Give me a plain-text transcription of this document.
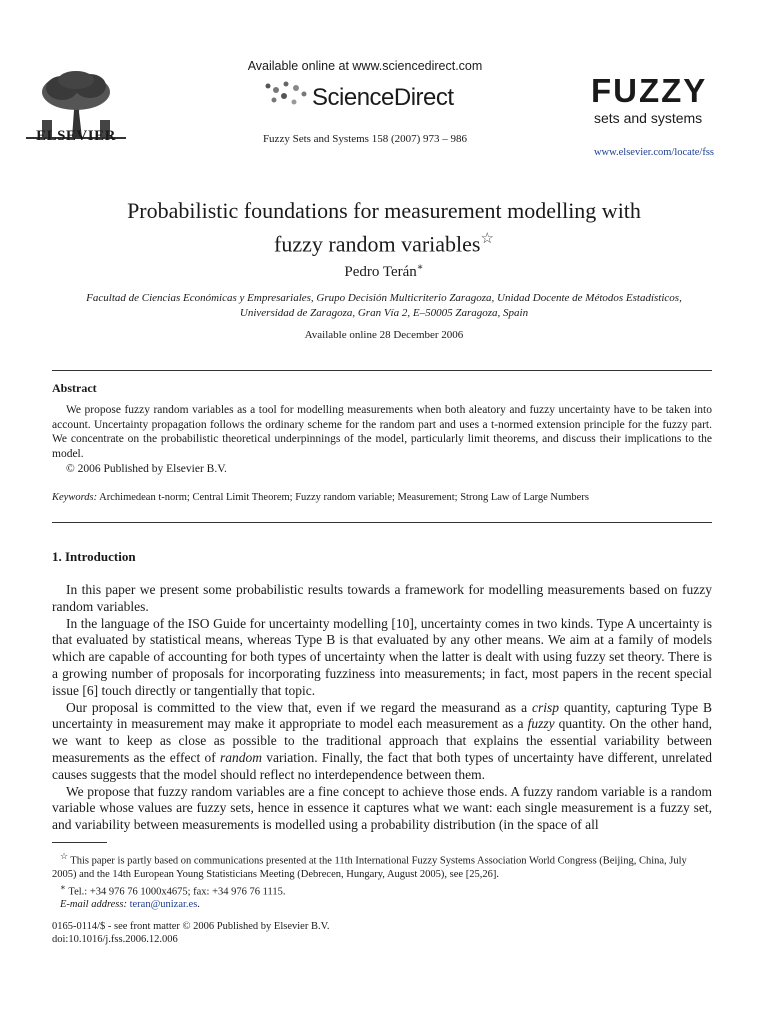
ELSEVIER
Available online at www.sciencedirect.com
ScienceDirect
Fuzzy Sets and Systems 158 (2007) 973 – 986
FUZZY
sets and systems
www.elsevier.com/locate/fss
Probabilistic foundations for measurement modelling with
fuzzy random variables☆
Pedro Terán∗
Facultad de Ciencias Económicas y Empresariales, Grupo Decisión Multicriterio Zaragoza, Unidad Docente de Métodos Estadísticos,
Universidad de Zaragoza, Gran Vía 2, E–50005 Zaragoza, Spain
Available online 28 December 2006
Abstract

We propose fuzzy random variables as a tool for modelling measurements when both aleatory and fuzzy uncertainty have to be taken into account. Uncertainty propagation follows the ordinary scheme for the random part and uses a t-normed extension principle for the fuzzy part. We concentrate on the probabilistic theoretical underpinnings of the model, particularly limit theorems, and discuss their implications to the model.

© 2006 Published by Elsevier B.V.

Keywords: Archimedean t-norm; Central Limit Theorem; Fuzzy random variable; Measurement; Strong Law of Large Numbers
1. Introduction

In this paper we present some probabilistic results towards a framework for modelling measurements based on fuzzy random variables.

In the language of the ISO Guide for uncertainty modelling [10], uncertainty comes in two kinds. Type A uncertainty is that evaluated by statistical means, whereas Type B is that evaluated by any other means. We aim at a family of models which are capable of accounting for both types of uncertainty when the latter is dealt with using fuzzy set theory. There is a growing number of proposals for incorporating fuzziness into measurements; in fact, most papers in the recent special issue [6] touch directly or tangentially that topic.

Our proposal is committed to the view that, even if we regard the measurand as a crisp quantity, capturing Type B uncertainty in measurement may make it appropriate to model each measurement as a fuzzy quantity. On the other hand, we want to keep as close as possible to the traditional approach that explains the essential variability between measurements as the effect of random variation. Finally, the fact that both types of uncertainty have different, unrelated causes suggests that the model should reflect no interdependence between them.

We propose that fuzzy random variables are a fine concept to achieve those ends. A fuzzy random variable is a random variable whose values are fuzzy sets, hence in essence it captures what we want: each single measurement is a fuzzy set, and variability between measurements is modelled using a probability distribution (in the space of all

☆ This paper is partly based on communications presented at the 11th International Fuzzy Systems Association World Congress (Beijing, China, July 2005) and the 14th European Young Statisticians Meeting (Debrecen, Hungary, August 2005), see [25,26].

∗ Tel.: +34 976 76 1000x4675; fax: +34 976 76 1115.

E-mail address: teran@unizar.es.

0165-0114/$ - see front matter © 2006 Published by Elsevier B.V.
doi:10.1016/j.fss.2006.12.006
